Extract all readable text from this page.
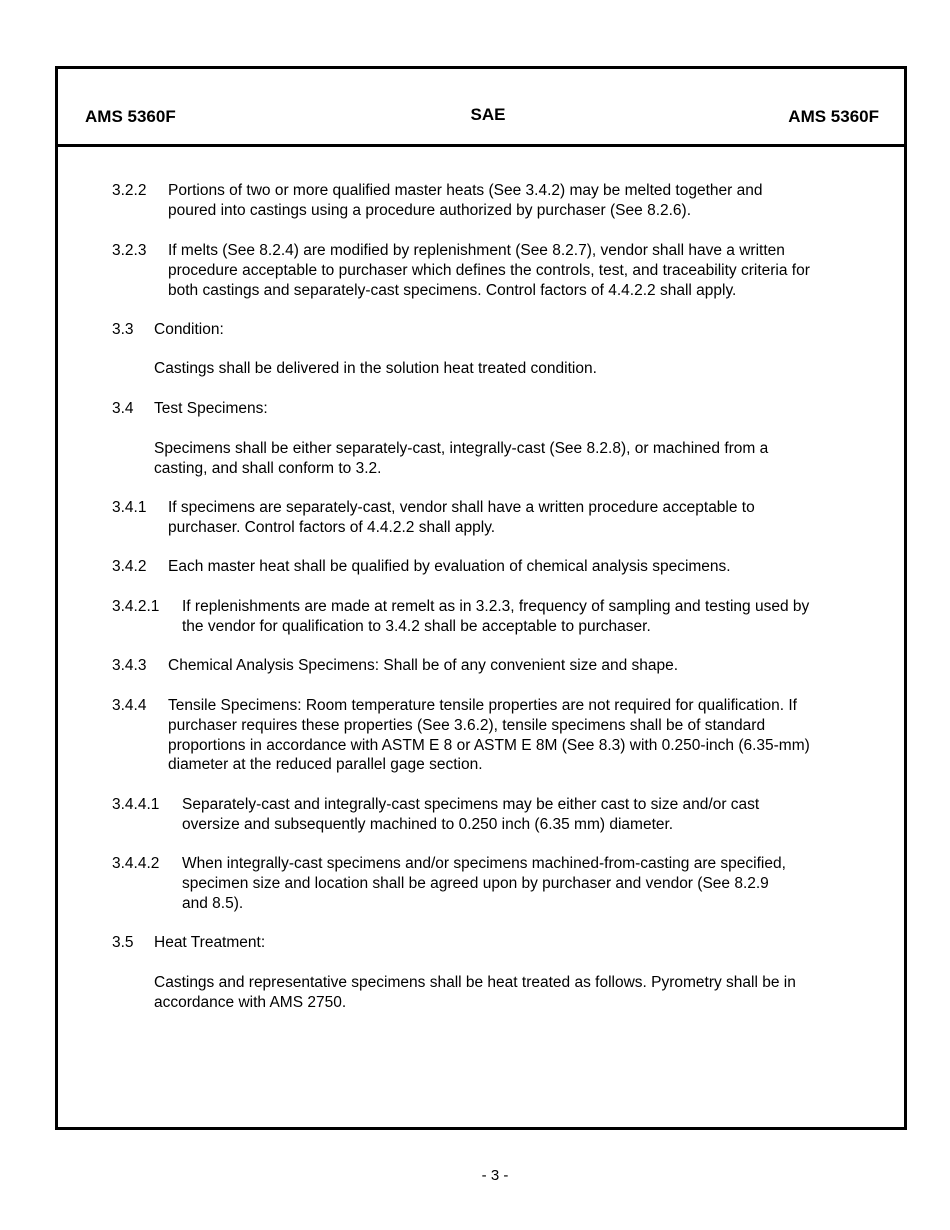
AMS 5360F	SAE	AMS 5360F
3.2.2 Portions of two or more qualified master heats (See 3.4.2) may be melted together and
poured into castings using a procedure authorized by purchaser (See 8.2.6).
3.2.3 If melts (See 8.2.4) are modified by replenishment (See 8.2.7), vendor shall have a written
procedure acceptable to purchaser which defines the controls, test, and traceability criteria for
both castings and separately-cast specimens. Control factors of 4.4.2.2 shall apply.
3.3 Condition:
Castings shall be delivered in the solution heat treated condition.
3.4 Test Specimens:
Specimens shall be either separately-cast, integrally-cast (See 8.2.8), or machined from a
casting, and shall conform to 3.2.
3.4.1 If specimens are separately-cast, vendor shall have a written procedure acceptable to
purchaser. Control factors of 4.4.2.2 shall apply.
3.4.2 Each master heat shall be qualified by evaluation of chemical analysis specimens.
3.4.2.1 If replenishments are made at remelt as in 3.2.3, frequency of sampling and testing used by
the vendor for qualification to 3.4.2 shall be acceptable to purchaser.
3.4.3 Chemical Analysis Specimens: Shall be of any convenient size and shape.
3.4.4 Tensile Specimens: Room temperature tensile properties are not required for qualification. If
purchaser requires these properties (See 3.6.2), tensile specimens shall be of standard
proportions in accordance with ASTM E 8 or ASTM E 8M (See 8.3) with 0.250-inch (6.35-mm)
diameter at the reduced parallel gage section.
3.4.4.1 Separately-cast and integrally-cast specimens may be either cast to size and/or cast
oversize and subsequently machined to 0.250 inch (6.35 mm) diameter.
3.4.4.2 When integrally-cast specimens and/or specimens machined-from-casting are specified,
specimen size and location shall be agreed upon by purchaser and vendor (See 8.2.9
and 8.5).
3.5 Heat Treatment:
Castings and representative specimens shall be heat treated as follows. Pyrometry shall be in
accordance with AMS 2750.
- 3 -
